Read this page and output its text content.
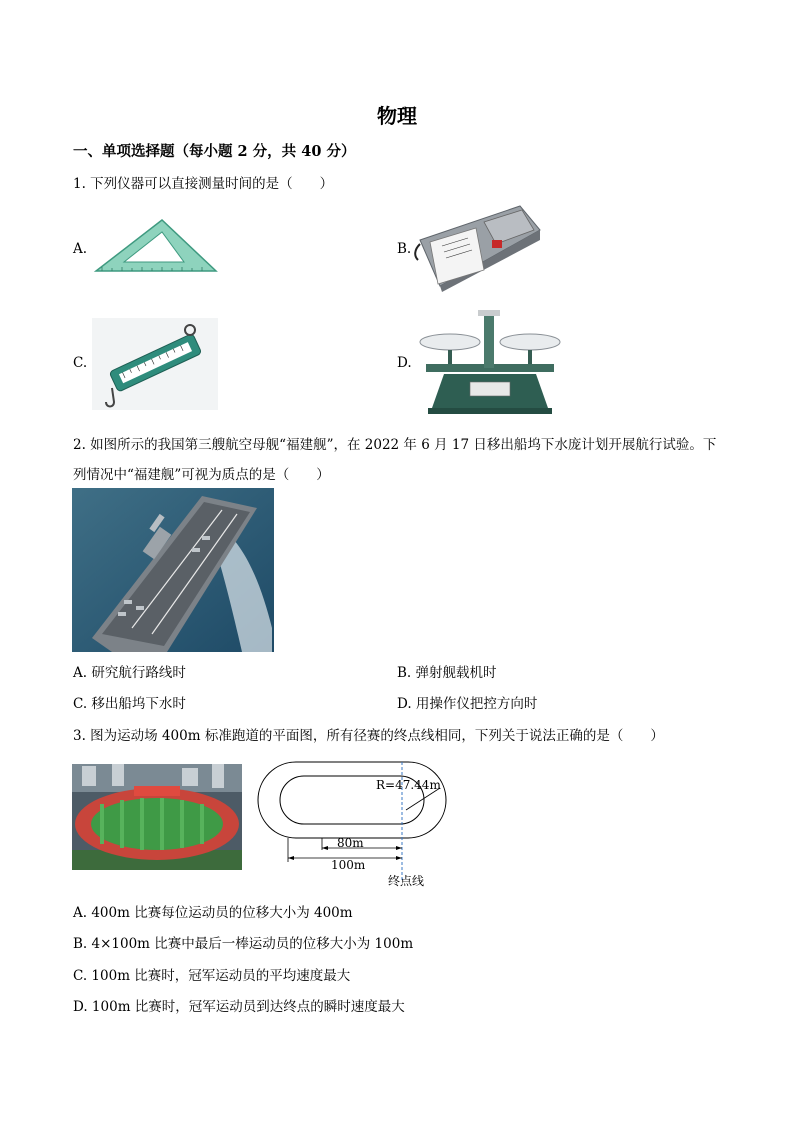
物理
一、单项选择题（每小题 2 分，共 40 分）
1. 下列仪器可以直接测量时间的是（　　）
A.	B.
C.	D.
2. 如图所示的我国第三艘航空母舰“福建舰”，在 2022 年 6 月 17 日移出船坞下水庞计划开展航行试验。下
列情况中“福建舰”可视为质点的是（　　）
A. 研究航行路线时	B. 弹射舰载机时
C. 移出船坞下水时	D. 用操作仪把控方向时
3. 图为运动场 400m 标准跑道的平面图，所有径赛的终点线相同，下列关于说法正确的是（　　）
R=47.44m
80m
100m
终点线
A. 400m 比赛每位运动员的位移大小为 400m
B. 4×100m 比赛中最后一棒运动员的位移大小为 100m
C. 100m 比赛时，冠军运动员的平均速度最大
D. 100m 比赛时，冠军运动员到达终点的瞬时速度最大
